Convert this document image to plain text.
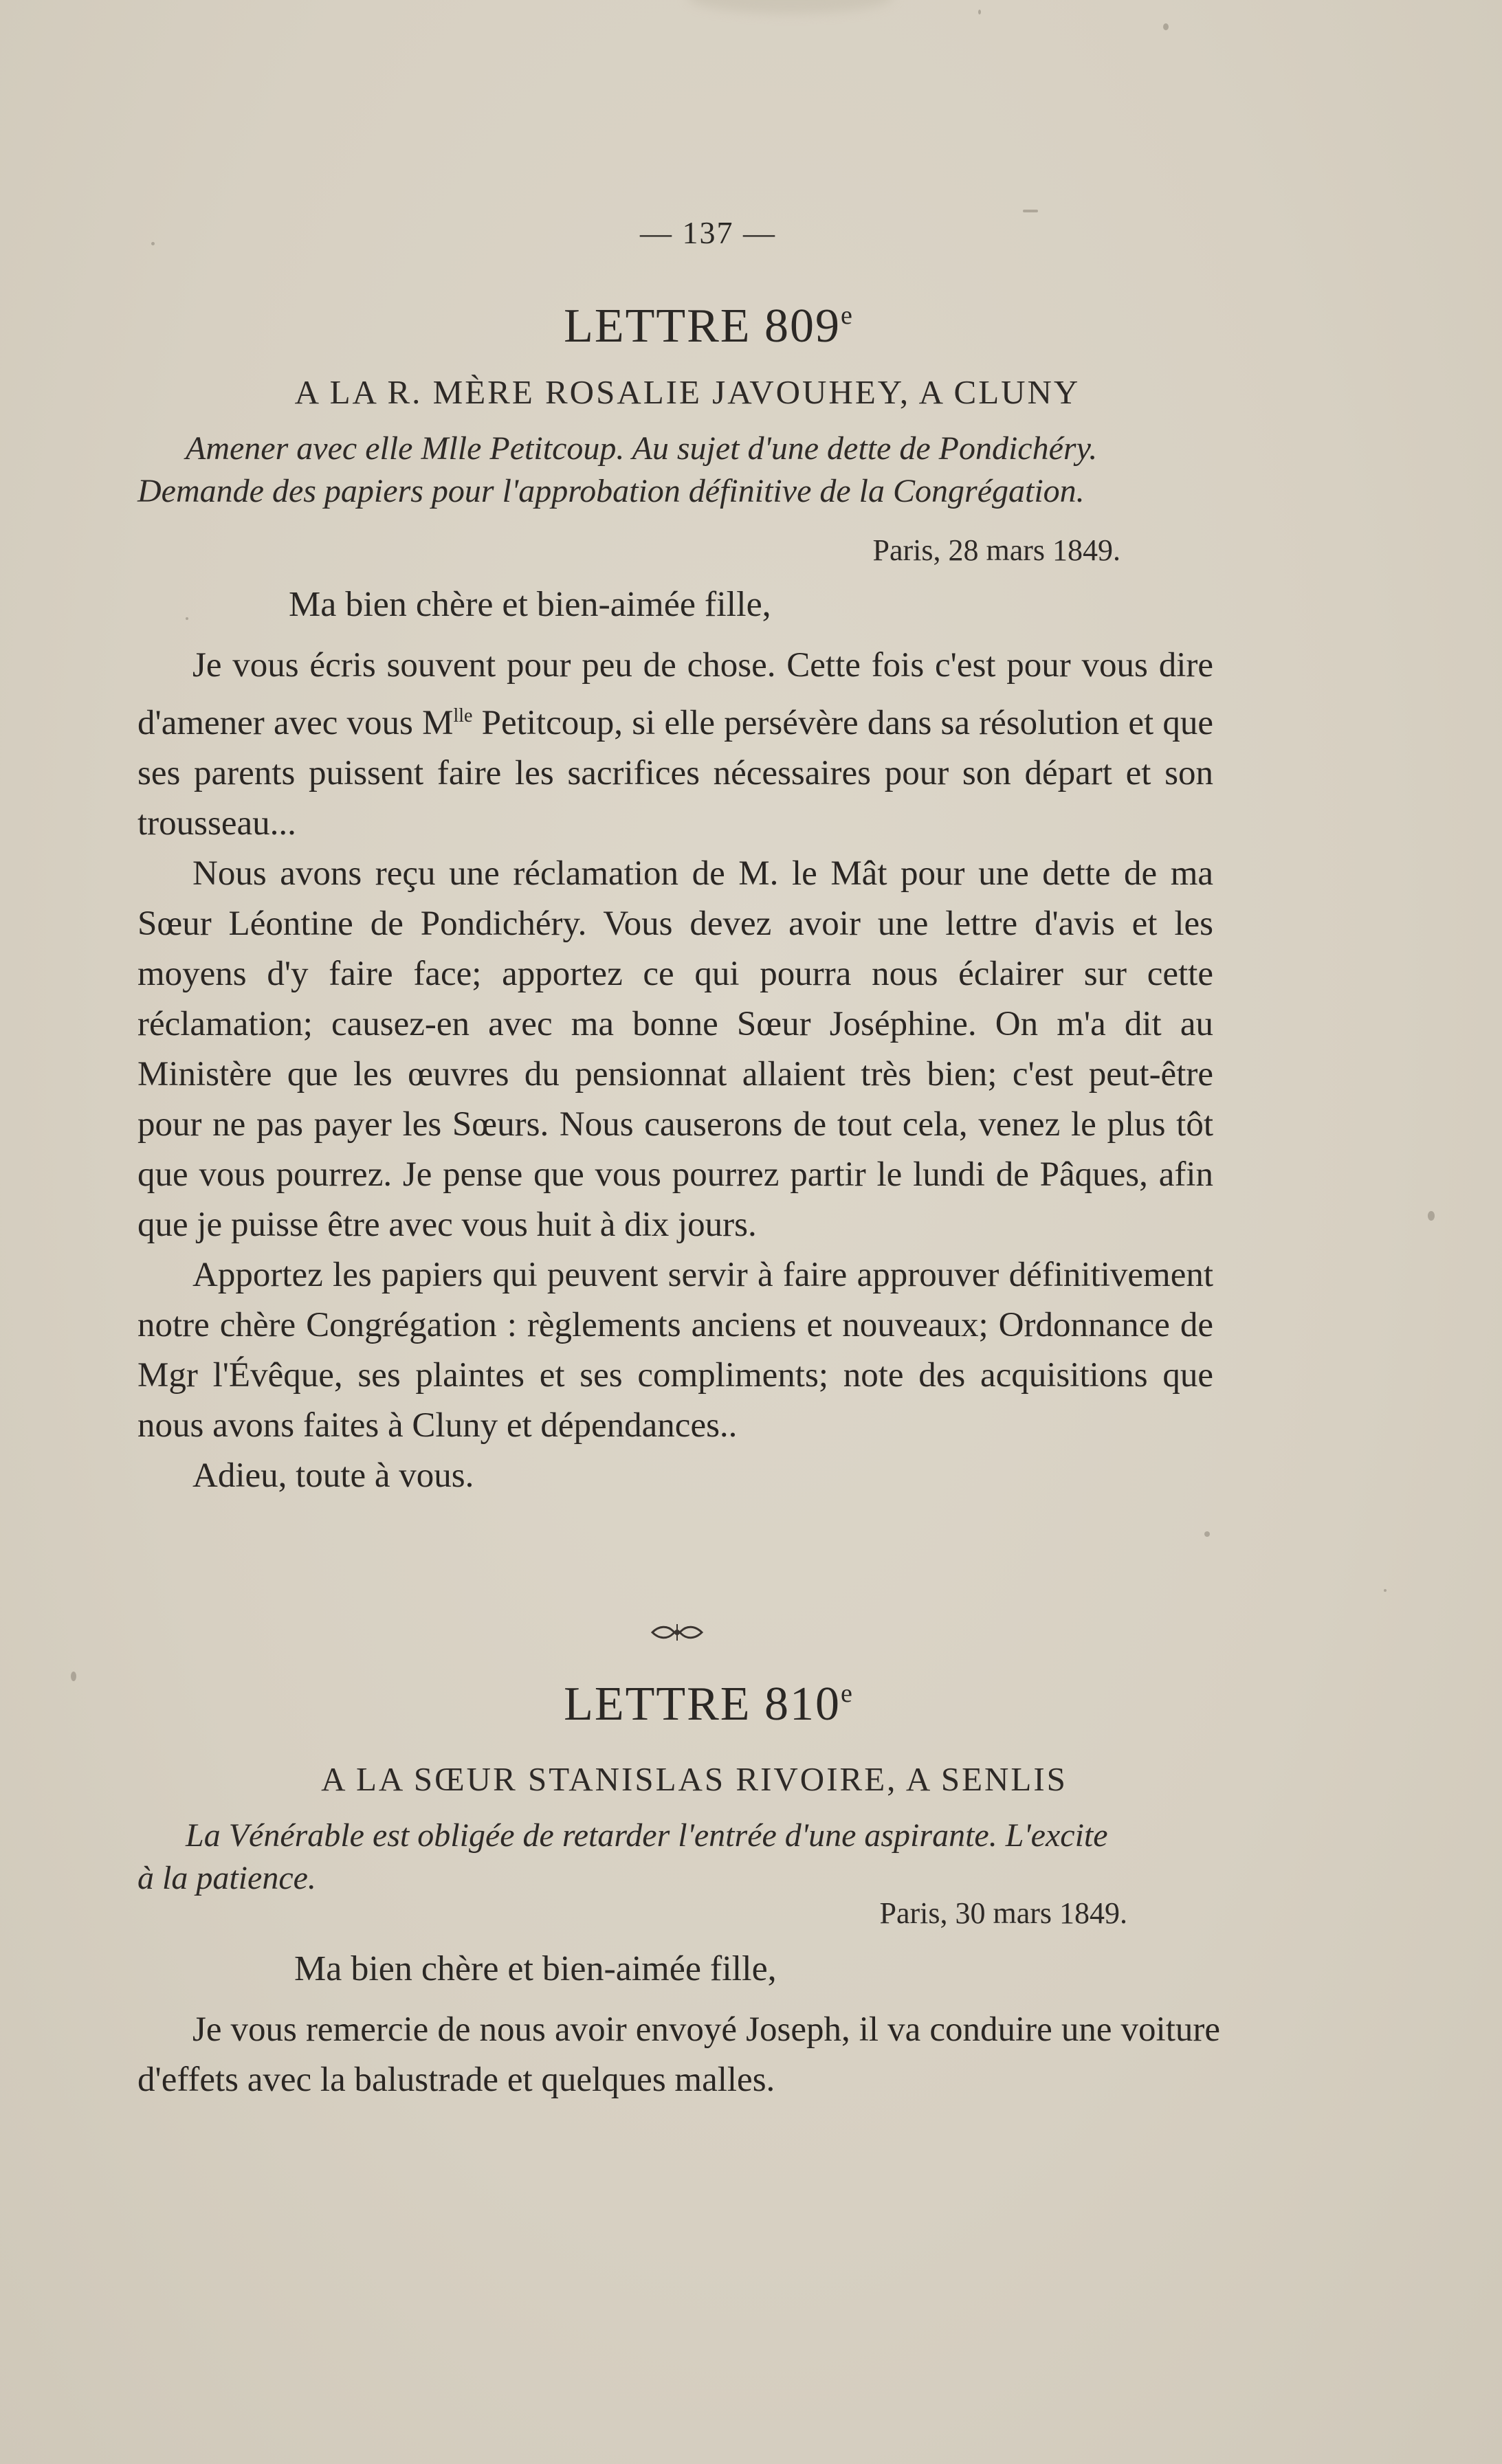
— 137 —
LETTRE 809e
A LA R. MÈRE ROSALIE JAVOUHEY, A CLUNY
Amener avec elle Mlle Petitcoup. Au sujet d'une dette de Pondichéry.
Demande des papiers pour l'approbation définitive de la Congrégation.
Paris, 28 mars 1849.
Ma bien chère et bien-aimée fille,

Je vous écris souvent pour peu de chose. Cette fois c'est pour vous dire d'amener avec vous $M^{lle}$ Petitcoup, si elle persévère dans sa résolution et que ses parents puissent faire les sacrifices nécessaires pour son départ et son trousseau...

Nous avons reçu une réclamation de M. le Mât pour une dette de ma Sœur Léontine de Pondichéry. Vous devez avoir une lettre d'avis et les moyens d'y faire face; apportez ce qui pourra nous éclairer sur cette réclamation; causez-en avec ma bonne Sœur Joséphine. On m'a dit au Ministère que les œuvres du pensionnat allaient très bien; c'est peut-être pour ne pas payer les Sœurs. Nous causerons de tout cela, venez le plus tôt que vous pourrez. Je pense que vous pourrez partir le lundi de Pâques, afin que je puisse être avec vous huit à dix jours.

Apportez les papiers qui peuvent servir à faire approuver définitivement notre chère Congrégation : règlements anciens et nouveaux; Ordonnance de Mgr l'Évêque, ses plaintes et ses compliments; note des acquisitions que nous avons faites à Cluny et dépendances..

Adieu, toute à vous.

LETTRE 810e
A LA SŒUR STANISLAS RIVOIRE, A SENLIS
La Vénérable est obligée de retarder l'entrée d'une aspirante. L'excite
à la patience.
Paris, 30 mars 1849.
Ma bien chère et bien-aimée fille,

Je vous remercie de nous avoir envoyé Joseph, il va conduire une voiture d'effets avec la balustrade et quelques malles.
